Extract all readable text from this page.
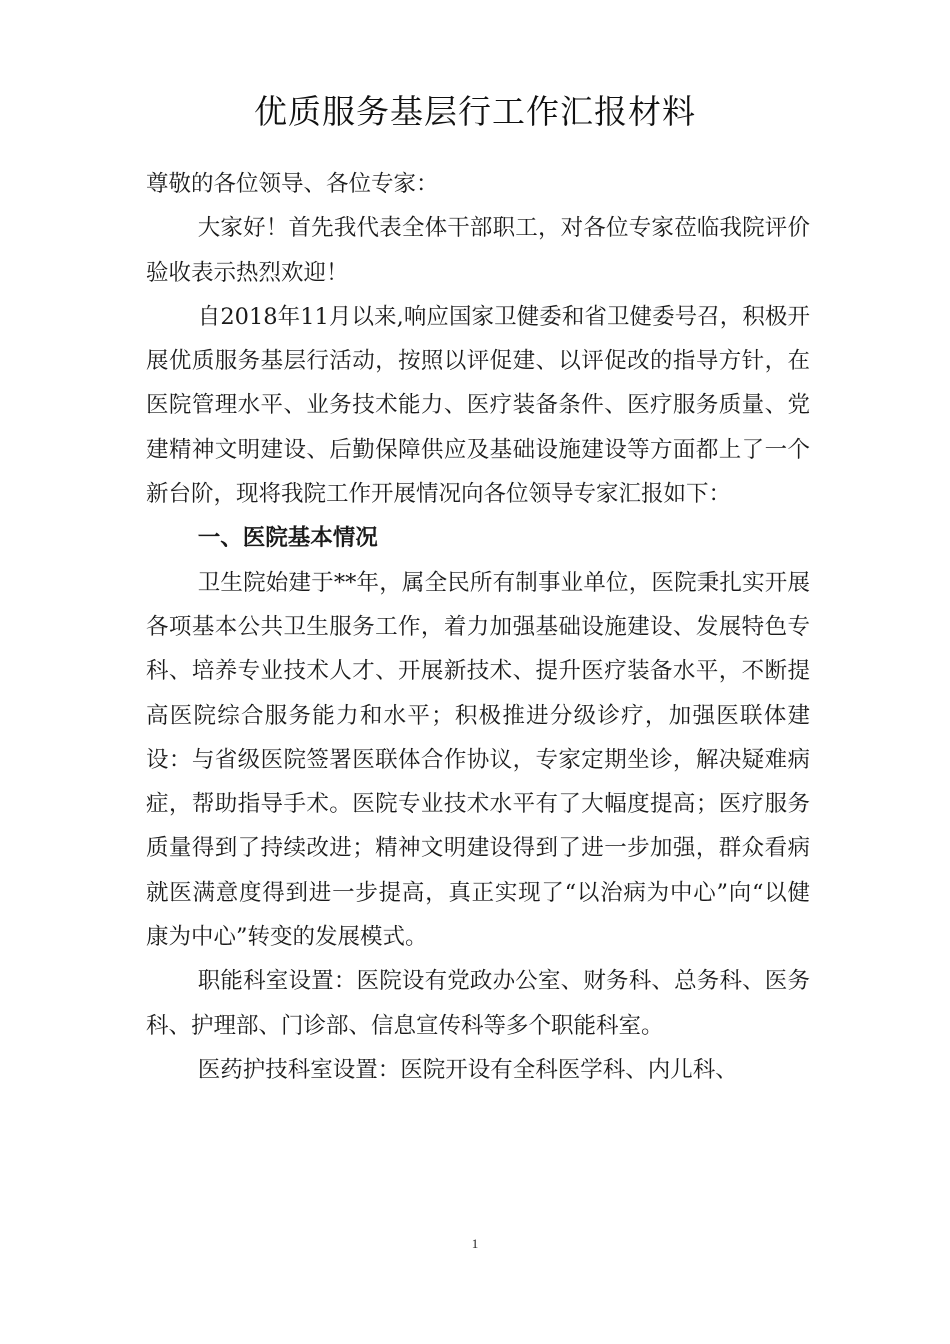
优质服务基层行工作汇报材料

尊敬的各位领导、各位专家：

大家好！首先我代表全体干部职工，对各位专家莅临我院评价验收表示热烈欢迎！

自2018年11月以来,响应国家卫健委和省卫健委号召，积极开展优质服务基层行活动，按照以评促建、以评促改的指导方针，在医院管理水平、业务技术能力、医疗装备条件、医疗服务质量、党建精神文明建设、后勤保障供应及基础设施建设等方面都上了一个新台阶，现将我院工作开展情况向各位领导专家汇报如下：

一、医院基本情况

卫生院始建于**年，属全民所有制事业单位，医院秉扎实开展各项基本公共卫生服务工作，着力加强基础设施建设、发展特色专科、培养专业技术人才、开展新技术、提升医疗装备水平，不断提高医院综合服务能力和水平；积极推进分级诊疗，加强医联体建设：与省级医院签署医联体合作协议，专家定期坐诊，解决疑难病症，帮助指导手术。医院专业技术水平有了大幅度提高；医疗服务质量得到了持续改进；精神文明建设得到了进一步加强，群众看病就医满意度得到进一步提高，真正实现了“以治病为中心”向“以健康为中心”转变的发展模式。

职能科室设置：医院设有党政办公室、财务科、总务科、医务科、护理部、门诊部、信息宣传科等多个职能科室。

医药护技科室设置：医院开设有全科医学科、内儿科、

1
